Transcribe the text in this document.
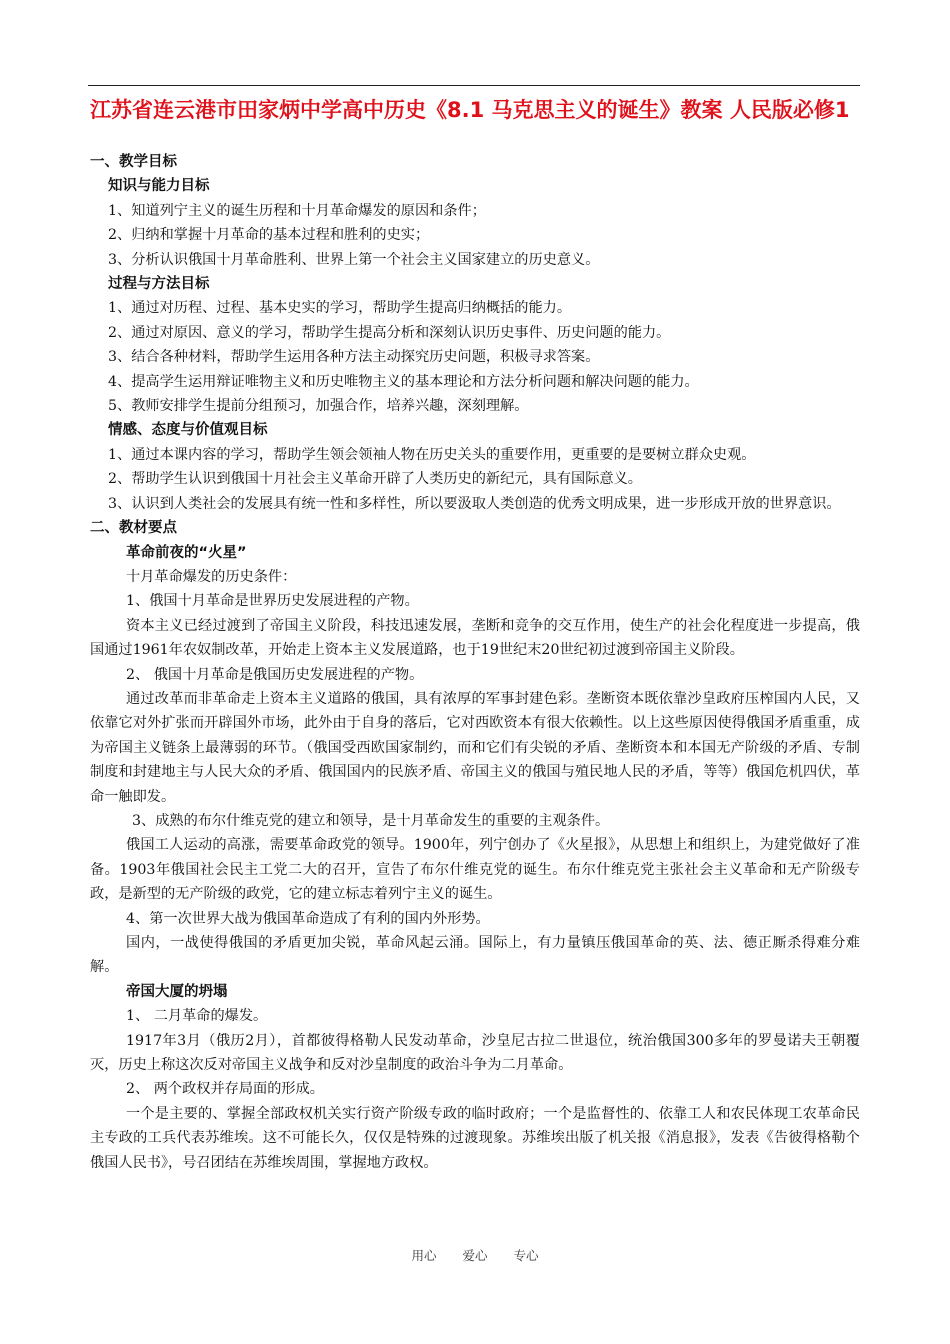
江苏省连云港市田家炳中学高中历史《8.1 马克思主义的诞生》教案 人民版必修1
一、教学目标
知识与能力目标
1、知道列宁主义的诞生历程和十月革命爆发的原因和条件；
2、归纳和掌握十月革命的基本过程和胜利的史实；
3、分析认识俄国十月革命胜利、世界上第一个社会主义国家建立的历史意义。
过程与方法目标
1、通过对历程、过程、基本史实的学习，帮助学生提高归纳概括的能力。
2、通过对原因、意义的学习，帮助学生提高分析和深刻认识历史事件、历史问题的能力。
3、结合各种材料，帮助学生运用各种方法主动探究历史问题，积极寻求答案。
4、提高学生运用辩证唯物主义和历史唯物主义的基本理论和方法分析问题和解决问题的能力。
5、教师安排学生提前分组预习，加强合作，培养兴趣，深刻理解。
情感、态度与价值观目标
1、通过本课内容的学习，帮助学生领会领袖人物在历史关头的重要作用，更重要的是要树立群众史观。
2、帮助学生认识到俄国十月社会主义革命开辟了人类历史的新纪元，具有国际意义。
3、认识到人类社会的发展具有统一性和多样性，所以要汲取人类创造的优秀文明成果，进一步形成开放的世界意识。
二、教材要点
革命前夜的“火星”
十月革命爆发的历史条件：
1、俄国十月革命是世界历史发展进程的产物。
资本主义已经过渡到了帝国主义阶段，科技迅速发展，垄断和竞争的交互作用，使生产的社会化程度进一步提高，俄国通过1961年农奴制改革，开始走上资本主义发展道路，也于19世纪末20世纪初过渡到帝国主义阶段。
2、 俄国十月革命是俄国历史发展进程的产物。
通过改革而非革命走上资本主义道路的俄国，具有浓厚的军事封建色彩。垄断资本既依靠沙皇政府压榨国内人民，又依靠它对外扩张而开辟国外市场，此外由于自身的落后，它对西欧资本有很大依赖性。以上这些原因使得俄国矛盾重重，成为帝国主义链条上最薄弱的环节。（俄国受西欧国家制约，而和它们有尖锐的矛盾、垄断资本和本国无产阶级的矛盾、专制制度和封建地主与人民大众的矛盾、俄国国内的民族矛盾、帝国主义的俄国与殖民地人民的矛盾，等等）俄国危机四伏，革命一触即发。
3、成熟的布尔什维克党的建立和领导，是十月革命发生的重要的主观条件。
俄国工人运动的高涨，需要革命政党的领导。1900年，列宁创办了《火星报》，从思想上和组织上，为建党做好了准备。1903年俄国社会民主工党二大的召开，宣告了布尔什维克党的诞生。布尔什维克党主张社会主义革命和无产阶级专政，是新型的无产阶级的政党，它的建立标志着列宁主义的诞生。
4、第一次世界大战为俄国革命造成了有利的国内外形势。
国内，一战使得俄国的矛盾更加尖锐，革命风起云涌。国际上，有力量镇压俄国革命的英、法、德正厮杀得难分难解。
帝国大厦的坍塌
1、 二月革命的爆发。
1917年3月（俄历2月），首都彼得格勒人民发动革命，沙皇尼古拉二世退位，统治俄国300多年的罗曼诺夫王朝覆灭，历史上称这次反对帝国主义战争和反对沙皇制度的政治斗争为二月革命。
2、 两个政权并存局面的形成。
一个是主要的、掌握全部政权机关实行资产阶级专政的临时政府；一个是监督性的、依靠工人和农民体现工农革命民主专政的工兵代表苏维埃。这不可能长久，仅仅是特殊的过渡现象。苏维埃出版了机关报《消息报》，发表《告彼得格勒个俄国人民书》，号召团结在苏维埃周围，掌握地方政权。
用心 爱心 专心
